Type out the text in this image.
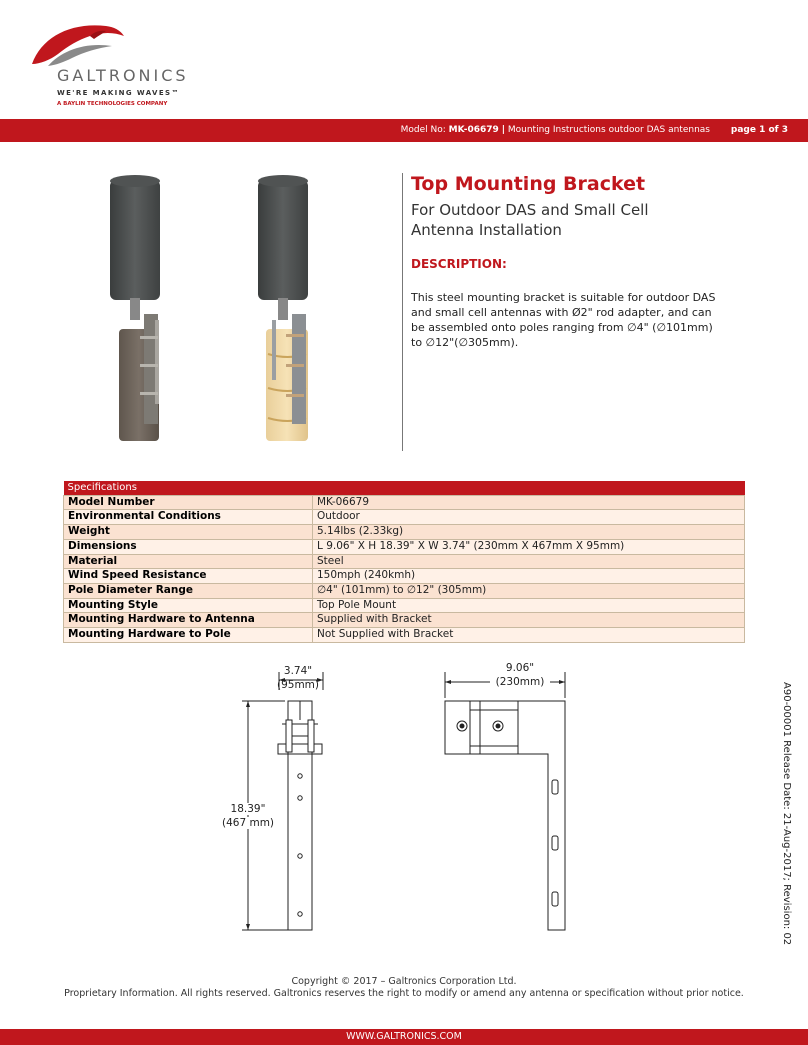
GALTRONICS
WE'RE MAKING WAVES™
A BAYLIN TECHNOLOGIES COMPANY
Model No: MK-06679 | Mounting Instructions outdoor DAS antennas page 1 of 3
Top Mounting Bracket
For Outdoor DAS and Small Cell Antenna Installation
DESCRIPTION:
This steel mounting bracket is suitable for outdoor DAS and small cell antennas with Ø2" rod adapter, and can be assembled onto poles ranging from ∅4" (∅101mm) to ∅12"(∅305mm).
Specifications	
Model Number	MK-06679
Environmental Conditions	Outdoor
Weight	5.14lbs (2.33kg)
Dimensions	L 9.06" X H 18.39" X W 3.74" (230mm X 467mm X 95mm)
Material	Steel
Wind Speed Resistance	150mph (240kmh)
Pole Diameter Range	∅4" (101mm) to ∅12" (305mm)
Mounting Style	Top Pole Mount
Mounting Hardware to Antenna	Supplied with Bracket
Mounting Hardware to Pole	Not Supplied with Bracket
3.74"
(95mm)
18.39"
(467 mm)
9.06"
(230mm)	A90-00001 Release Date: 21-Aug-2017; Revision: 02
Copyright © 2017 – Galtronics Corporation Ltd.
Proprietary Information. All rights reserved. Galtronics reserves the right to modify or amend any antenna or specification without prior notice.
WWW.GALTRONICS.COM
